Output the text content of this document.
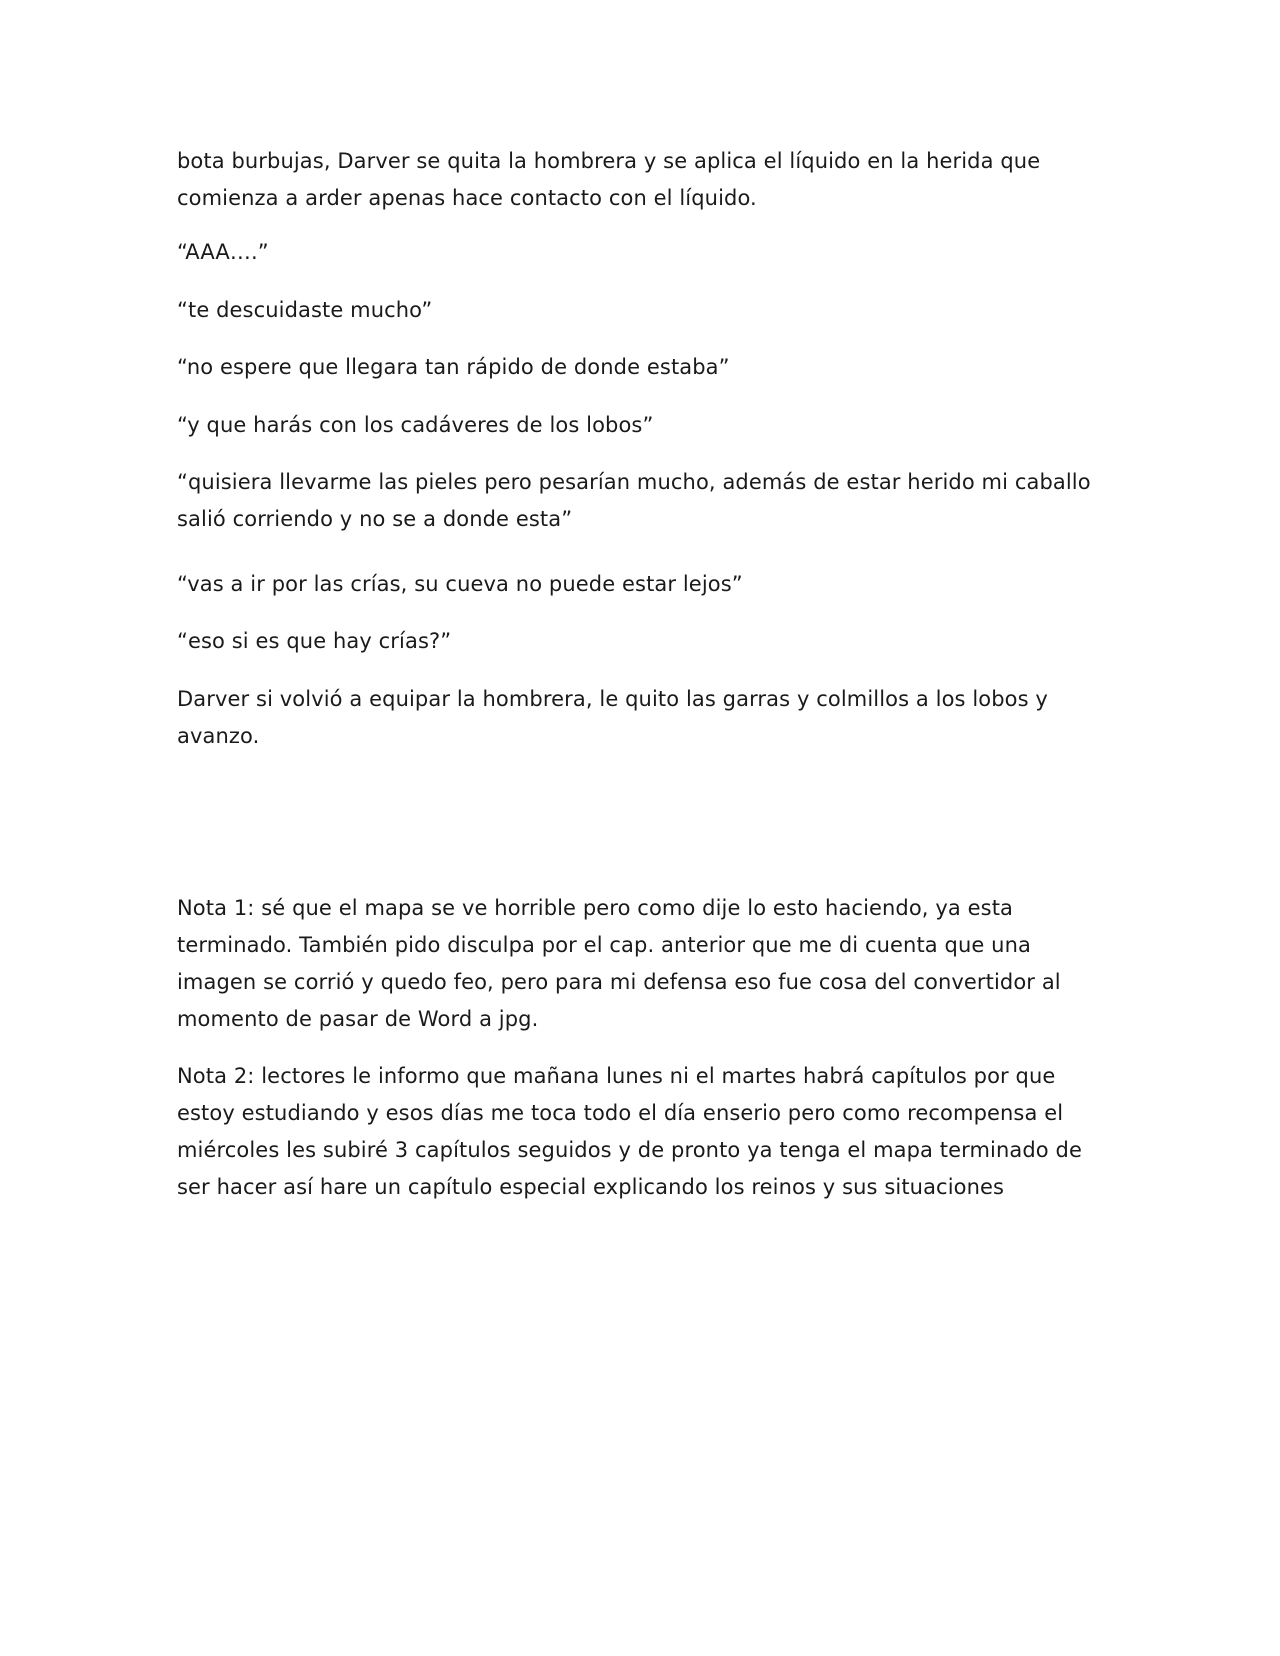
bota burbujas, Darver se quita la hombrera y se aplica el líquido en la herida que comienza a arder apenas hace contacto con el líquido.

“AAA….”

“te descuidaste mucho”

“no espere que llegara tan rápido de donde estaba”

“y que harás con los cadáveres de los lobos”

“quisiera llevarme las pieles pero pesarían mucho, además de estar herido mi caballo salió corriendo y no se a donde esta”

“vas a ir por las crías, su cueva no puede estar lejos”

“eso si es que hay crías?”

Darver si volvió a equipar la hombrera, le quito las garras y colmillos a los lobos y avanzo.

Nota 1: sé que el mapa se ve horrible pero como dije lo esto haciendo, ya esta terminado. También pido disculpa por el cap. anterior que me di cuenta que una imagen se corrió y quedo feo, pero para mi defensa eso fue cosa del convertidor al momento de pasar de Word a jpg.

Nota 2: lectores le informo que mañana lunes ni el martes habrá capítulos por que estoy estudiando y esos días me toca todo el día enserio pero como recompensa el miércoles les subiré 3 capítulos seguidos y de pronto ya tenga el mapa terminado de ser hacer así hare un capítulo especial explicando los reinos y sus situaciones
